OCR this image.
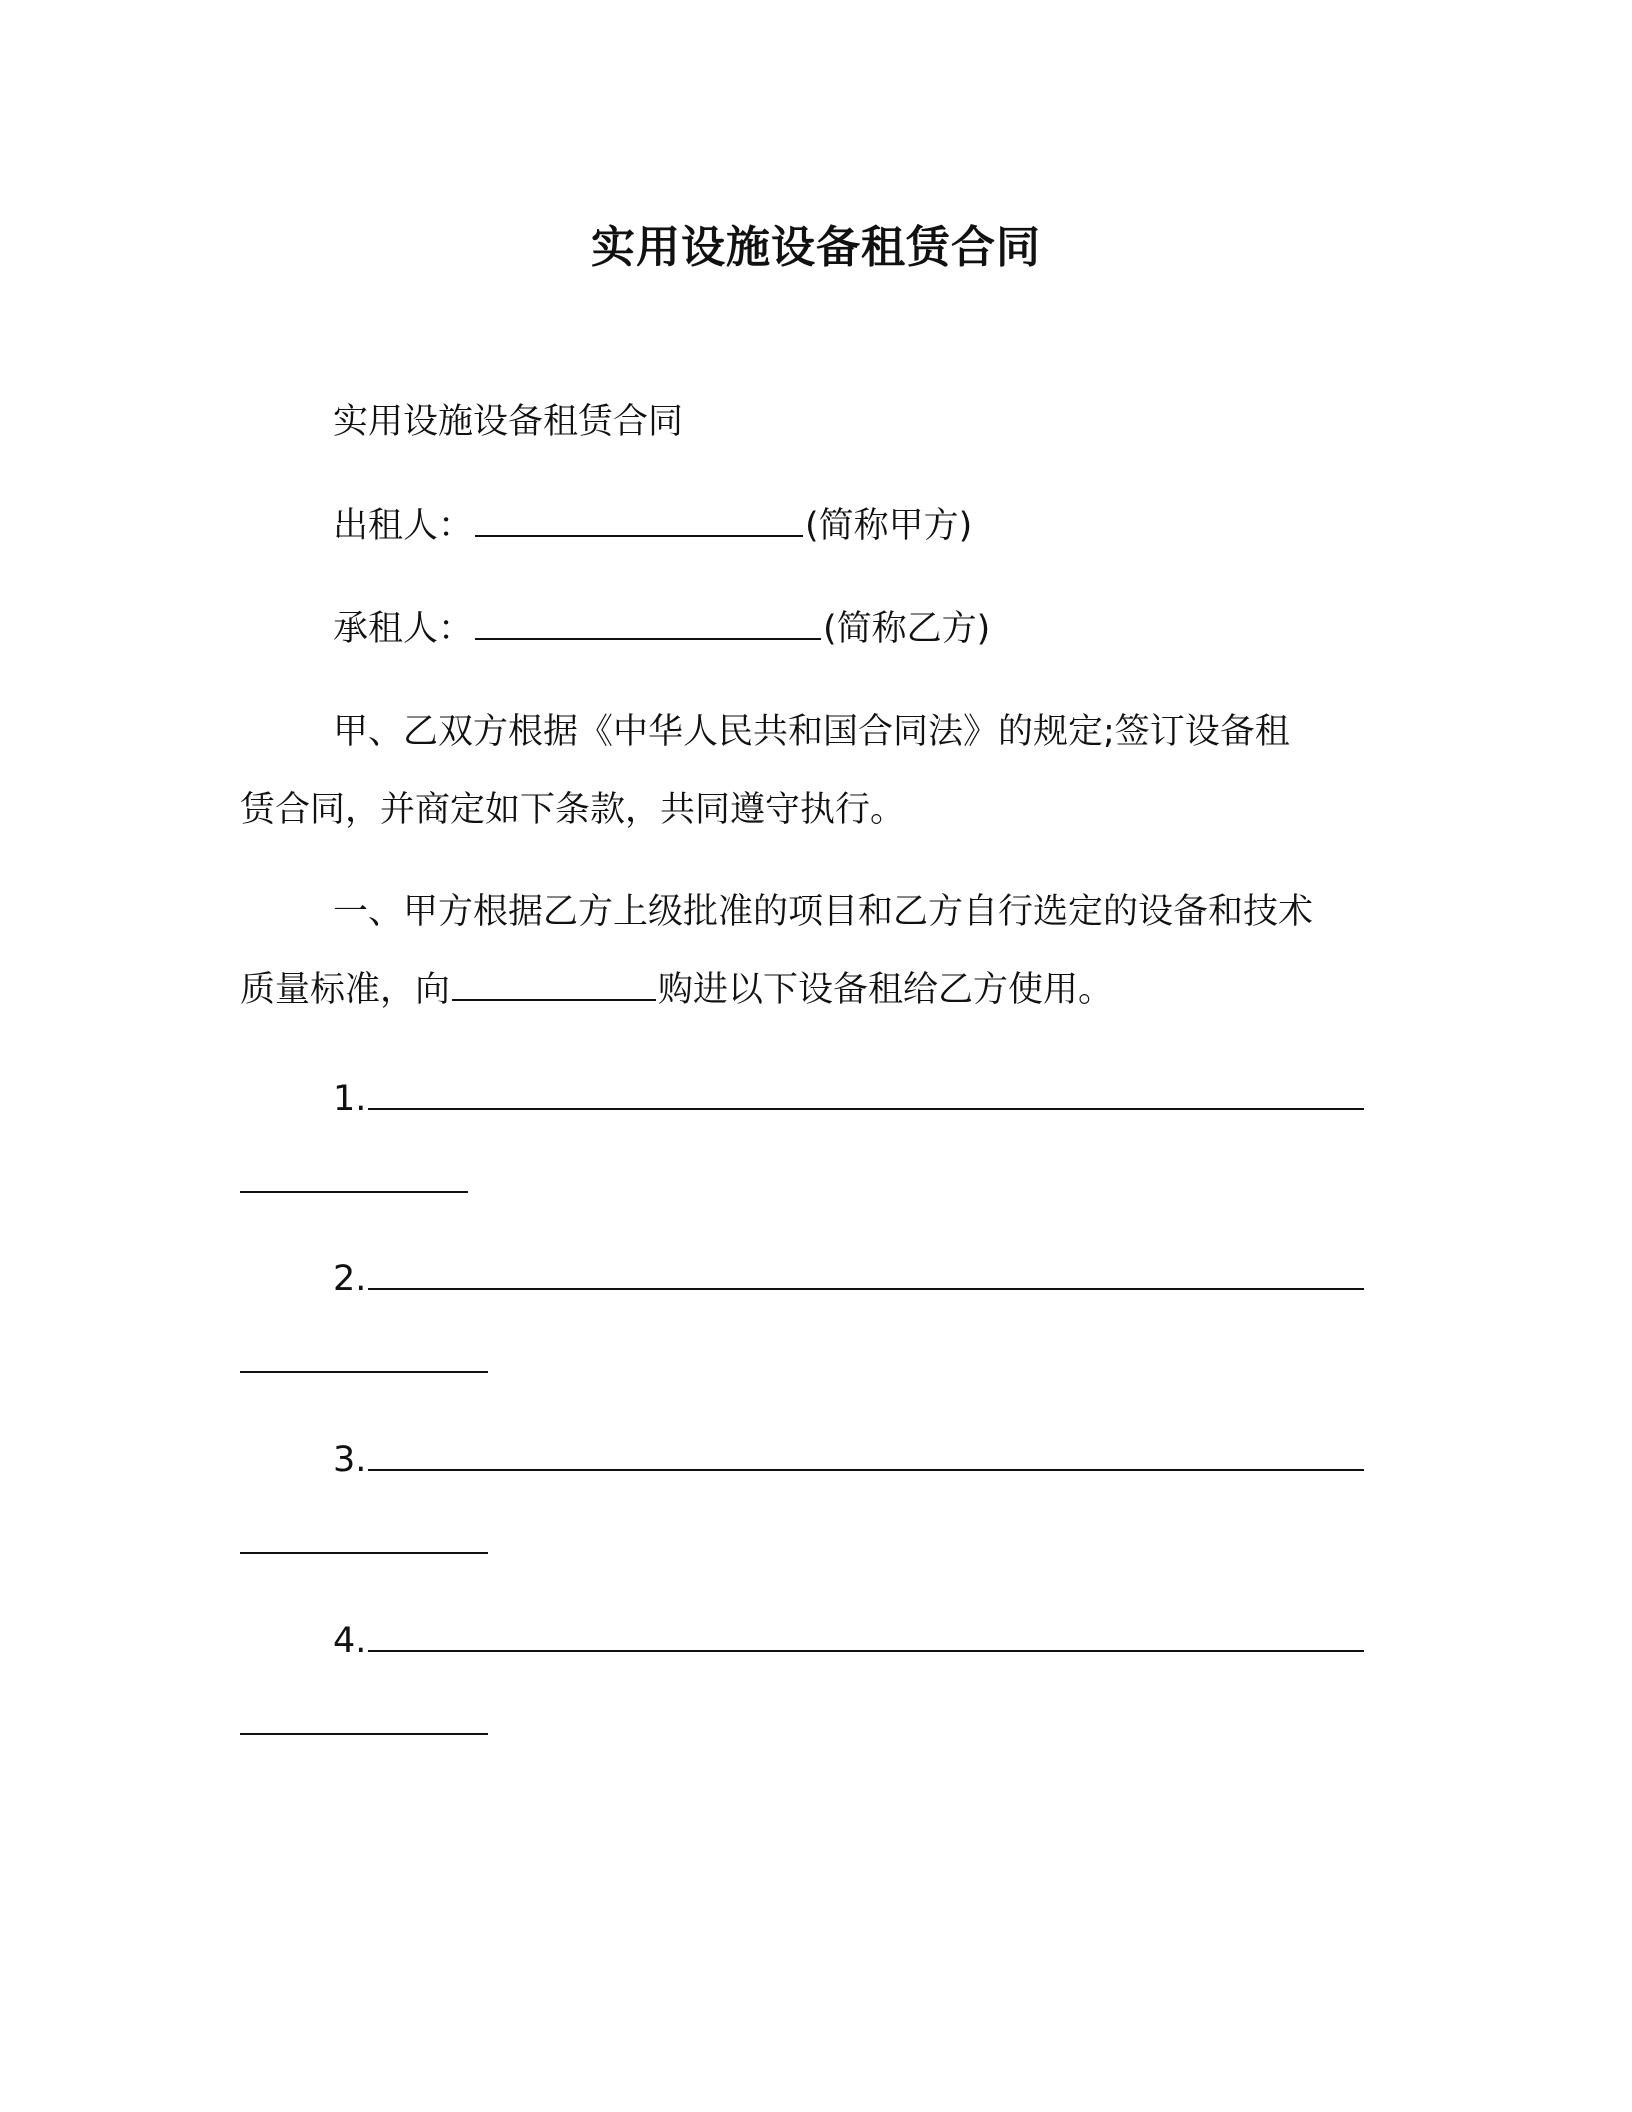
实用设施设备租赁合同
实用设施设备租赁合同
出租人：	(简称甲方)
承租人：	(简称乙方)
甲、乙双方根据《中华人民共和国合同法》的规定;签订设备租
赁合同，并商定如下条款，共同遵守执行。
一、甲方根据乙方上级批准的项目和乙方自行选定的设备和技术
质量标准，向	购进以下设备租给乙方使用。
1.
2.
3.
4.
